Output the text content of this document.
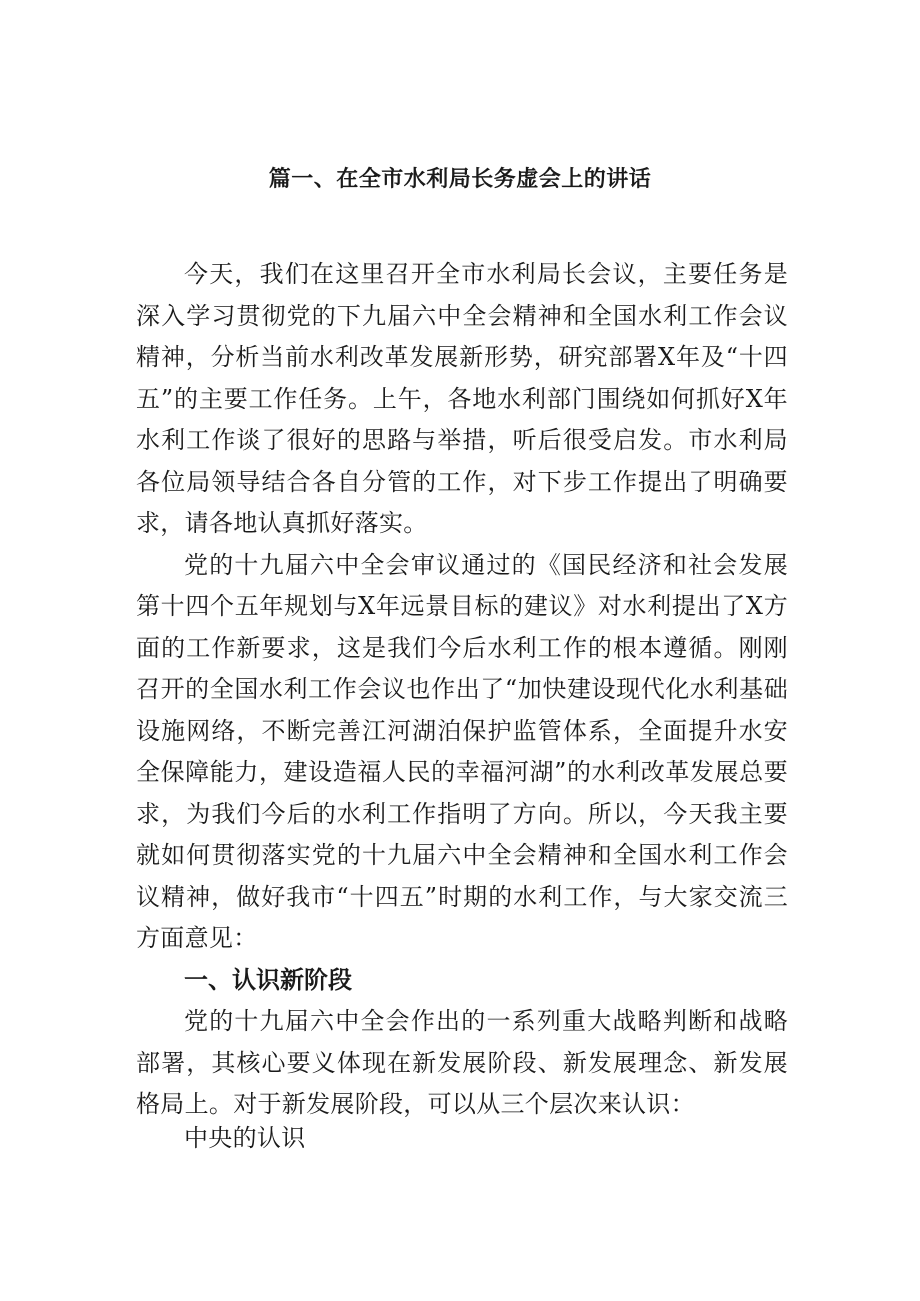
篇一、在全市水利局长务虚会上的讲话

今天，我们在这里召开全市水利局长会议，主要任务是深入学习贯彻党的下九届六中全会精神和全国水利工作会议精神，分析当前水利改革发展新形势，研究部署X年及“十四五”的主要工作任务。上午，各地水利部门围绕如何抓好X年水利工作谈了很好的思路与举措，听后很受启发。市水利局各位局领导结合各自分管的工作，对下步工作提出了明确要求，请各地认真抓好落实。

党的十九届六中全会审议通过的《国民经济和社会发展第十四个五年规划与X年远景目标的建议》对水利提出了X方面的工作新要求，这是我们今后水利工作的根本遵循。刚刚召开的全国水利工作会议也作出了“加快建设现代化水利基础设施网络，不断完善江河湖泊保护监管体系，全面提升水安全保障能力，建设造福人民的幸福河湖”的水利改革发展总要求，为我们今后的水利工作指明了方向。所以，今天我主要就如何贯彻落实党的十九届六中全会精神和全国水利工作会议精神，做好我市“十四五”时期的水利工作，与大家交流三方面意见：

一、认识新阶段

党的十九届六中全会作出的一系列重大战略判断和战略部署，其核心要义体现在新发展阶段、新发展理念、新发展格局上。对于新发展阶段，可以从三个层次来认识：

中央的认识
